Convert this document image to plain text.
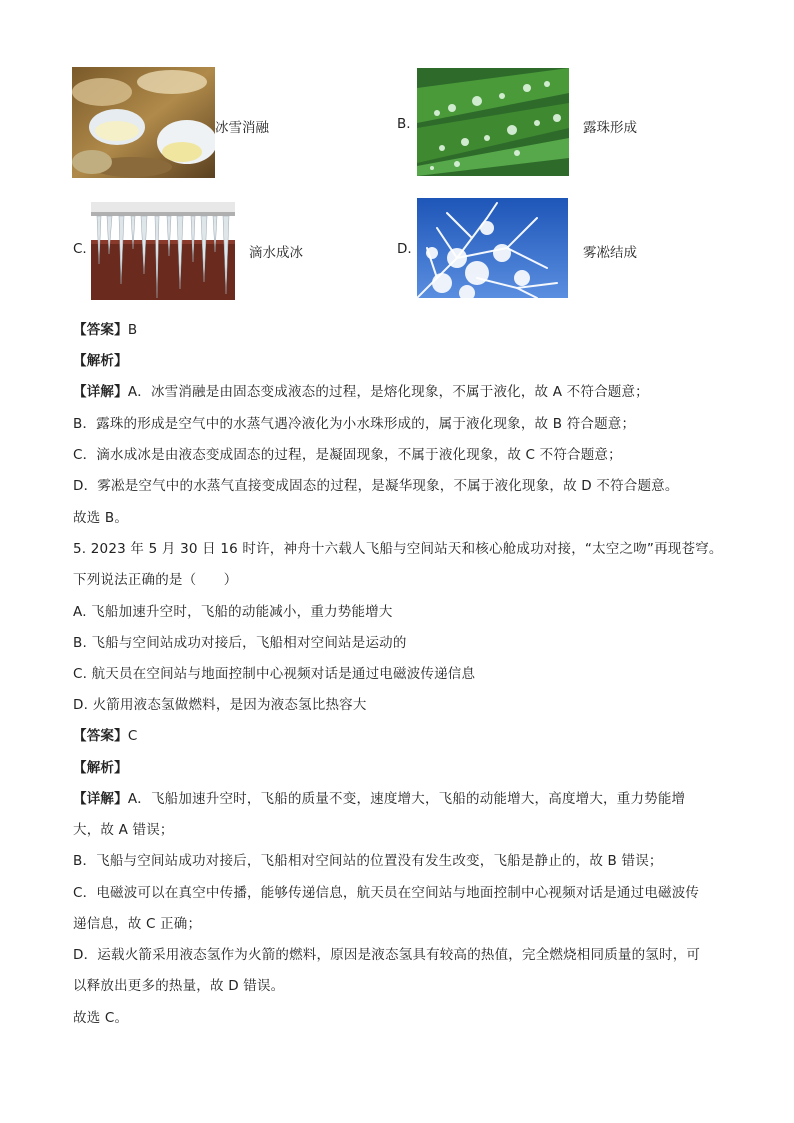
冰雪消融	B.	露珠形成
C.	滴水成冰	D.	雾凇结成
【答案】B
【解析】
【详解】A．冰雪消融是由固态变成液态的过程，是熔化现象，不属于液化，故 A 不符合题意；
B．露珠的形成是空气中的水蒸气遇冷液化为小水珠形成的，属于液化现象，故 B 符合题意；
C．滴水成冰是由液态变成固态的过程，是凝固现象，不属于液化现象，故 C 不符合题意；
D．雾凇是空气中的水蒸气直接变成固态的过程，是凝华现象，不属于液化现象，故 D 不符合题意。
故选 B。
5. 2023 年 5 月 30 日 16 时许，神舟十六载人飞船与空间站天和核心舱成功对接，“太空之吻”再现苍穹。
下列说法正确的是（　　）
A. 飞船加速升空时，飞船的动能减小，重力势能增大
B. 飞船与空间站成功对接后，飞船相对空间站是运动的
C. 航天员在空间站与地面控制中心视频对话是通过电磁波传递信息
D. 火箭用液态氢做燃料，是因为液态氢比热容大
【答案】C
【解析】
【详解】A．飞船加速升空时，飞船的质量不变，速度增大，飞船的动能增大，高度增大，重力势能增
大，故 A 错误；
B．飞船与空间站成功对接后，飞船相对空间站的位置没有发生改变，飞船是静止的，故 B 错误；
C．电磁波可以在真空中传播，能够传递信息，航天员在空间站与地面控制中心视频对话是通过电磁波传
递信息，故 C 正确；
D．运载火箭采用液态氢作为火箭的燃料，原因是液态氢具有较高的热值，完全燃烧相同质量的氢时，可
以释放出更多的热量，故 D 错误。
故选 C。
